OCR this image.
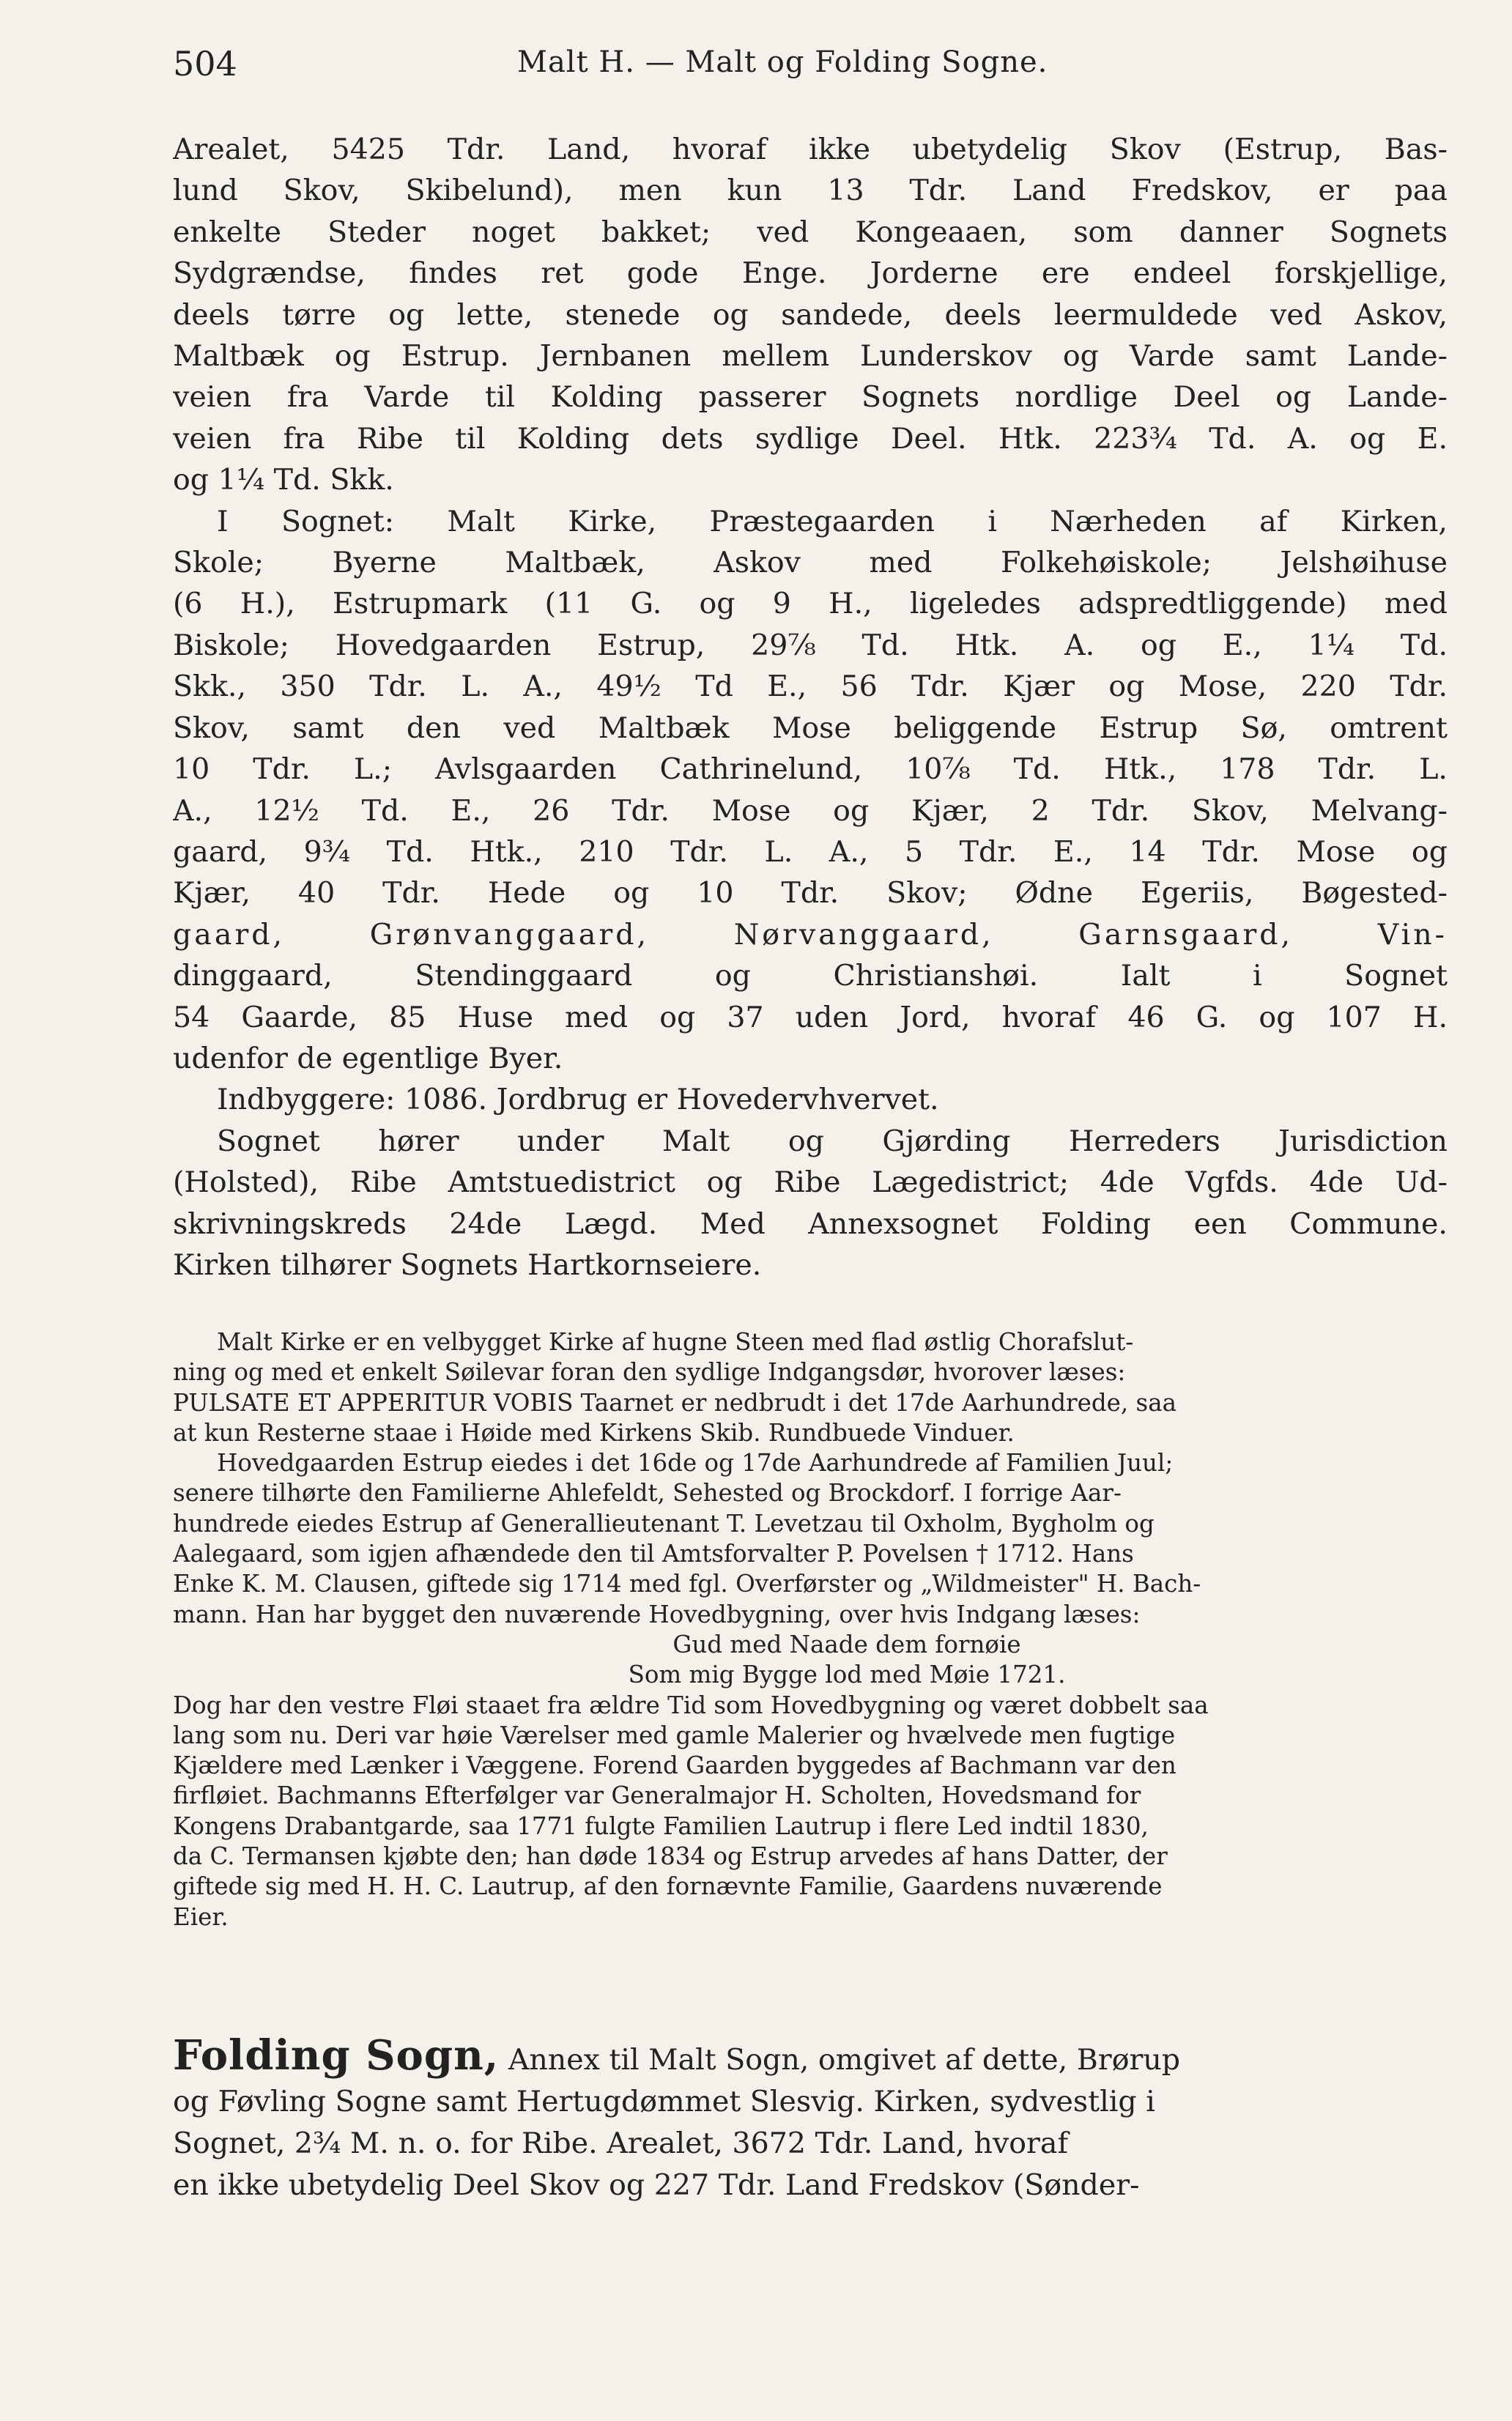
504	Malt H. — Malt og Folding Sogne.
Arealet, 5425 Tdr. Land, hvoraf ikke ubetydelig Skov (Estrup, Bas-
lund Skov, Skibelund), men kun 13 Tdr. Land Fredskov, er paa
enkelte Steder noget bakket; ved Kongeaaen, som danner Sognets
Sydgrændse, findes ret gode Enge. Jorderne ere endeel forskjellige,
deels tørre og lette, stenede og sandede, deels leermuldede ved Askov,
Maltbæk og Estrup. Jernbanen mellem Lunderskov og Varde samt Lande-
veien fra Varde til Kolding passerer Sognets nordlige Deel og Lande-
veien fra Ribe til Kolding dets sydlige Deel. Htk. 223¾ Td. A. og E.
og 1¼ Td. Skk.
I Sognet: Malt Kirke, Præstegaarden i Nærheden af Kirken,
Skole; Byerne Maltbæk, Askov med Folkehøiskole; Jelshøihuse
(6 H.), Estrupmark (11 G. og 9 H., ligeledes adspredtliggende) med
Biskole; Hovedgaarden Estrup, 29⅞ Td. Htk. A. og E., 1¼ Td.
Skk., 350 Tdr. L. A., 49½ Td E., 56 Tdr. Kjær og Mose, 220 Tdr.
Skov, samt den ved Maltbæk Mose beliggende Estrup Sø, omtrent
10 Tdr. L.; Avlsgaarden Cathrinelund, 10⅞ Td. Htk., 178 Tdr. L.
A., 12½ Td. E., 26 Tdr. Mose og Kjær, 2 Tdr. Skov, Melvang-
gaard, 9¾ Td. Htk., 210 Tdr. L. A., 5 Tdr. E., 14 Tdr. Mose og
Kjær, 40 Tdr. Hede og 10 Tdr. Skov; Ødne Egeriis, Bøgested-
gaard, Grønvanggaard, Nørvanggaard, Garnsgaard, Vin-
dinggaard, Stendinggaard og Christianshøi. Ialt i Sognet
54 Gaarde, 85 Huse med og 37 uden Jord, hvoraf 46 G. og 107 H.
udenfor de egentlige Byer.
Indbyggere: 1086. Jordbrug er Hovedervhvervet.
Sognet hører under Malt og Gjørding Herreders Jurisdiction
(Holsted), Ribe Amtstuedistrict og Ribe Lægedistrict; 4de Vgfds. 4de Ud-
skrivningskreds 24de Lægd. Med Annexsognet Folding een Commune.
Kirken tilhører Sognets Hartkornseiere.
Malt Kirke er en velbygget Kirke af hugne Steen med flad østlig Chorafslut-
ning og med et enkelt Søilevar foran den sydlige Indgangsdør, hvorover læses:
PULSATE ET APPERITUR VOBIS Taarnet er nedbrudt i det 17de Aarhundrede, saa
at kun Resterne staae i Høide med Kirkens Skib. Rundbuede Vinduer.
Hovedgaarden Estrup eiedes i det 16de og 17de Aarhundrede af Familien Juul;
senere tilhørte den Familierne Ahlefeldt, Sehested og Brockdorf. I forrige Aar-
hundrede eiedes Estrup af Generallieutenant T. Levetzau til Oxholm, Bygholm og
Aalegaard, som igjen afhændede den til Amtsforvalter P. Povelsen † 1712. Hans
Enke K. M. Clausen, giftede sig 1714 med fgl. Overførster og „Wildmeister" H. Bach-
mann. Han har bygget den nuværende Hovedbygning, over hvis Indgang læses:
Gud med Naade dem fornøie
Som mig Bygge lod med Møie 1721.
Dog har den vestre Fløi staaet fra ældre Tid som Hovedbygning og været dobbelt saa
lang som nu. Deri var høie Værelser med gamle Malerier og hvælvede men fugtige
Kjældere med Lænker i Væggene. Forend Gaarden byggedes af Bachmann var den
firfløiet. Bachmanns Efterfølger var Generalmajor H. Scholten, Hovedsmand for
Kongens Drabantgarde, saa 1771 fulgte Familien Lautrup i flere Led indtil 1830,
da C. Termansen kjøbte den; han døde 1834 og Estrup arvedes af hans Datter, der
giftede sig med H. H. C. Lautrup, af den fornævnte Familie, Gaardens nuværende
Eier.
Folding Sogn, Annex til Malt Sogn, omgivet af dette, Brørup
og Føvling Sogne samt Hertugdømmet Slesvig. Kirken, sydvestlig i
Sognet, 2¾ M. n. o. for Ribe. Arealet, 3672 Tdr. Land, hvoraf
en ikke ubetydelig Deel Skov og 227 Tdr. Land Fredskov (Sønder-
